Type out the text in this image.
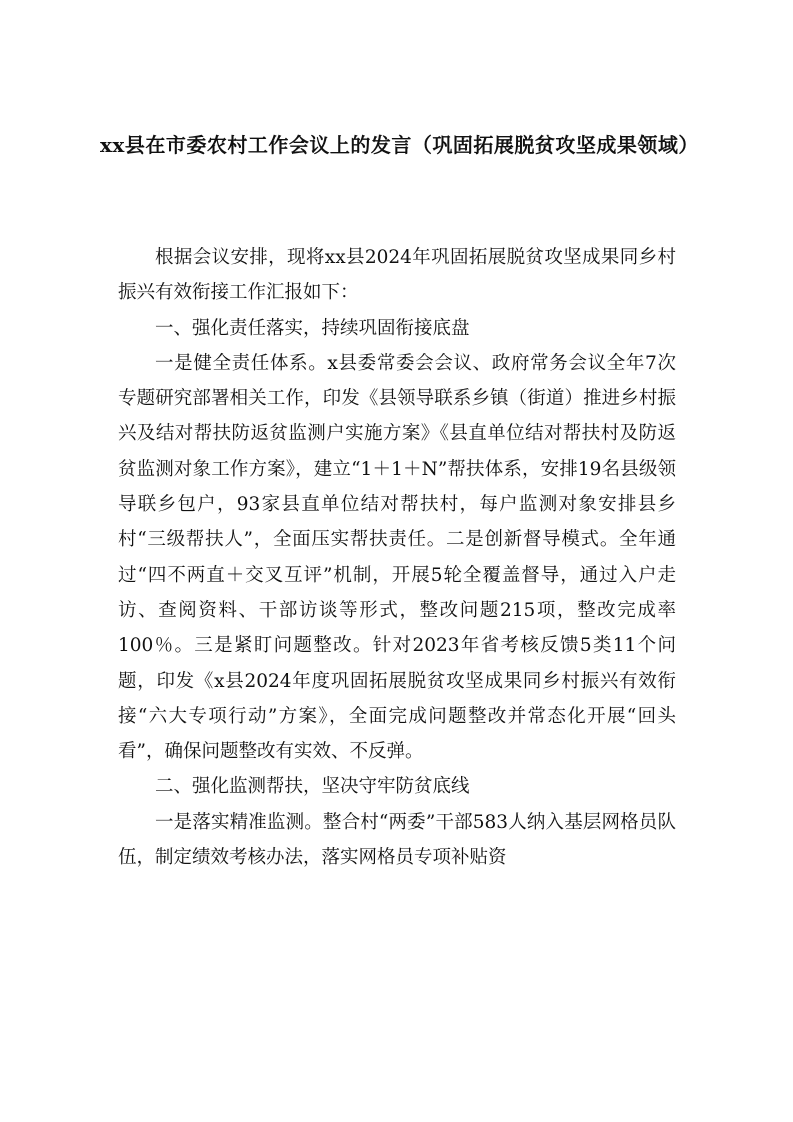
xx县在市委农村工作会议上的发言（巩固拓展脱贫攻坚成果领域）

根据会议安排，现将xx县2024年巩固拓展脱贫攻坚成果同乡村振兴有效衔接工作汇报如下：

一、强化责任落实，持续巩固衔接底盘

一是健全责任体系。x县委常委会会议、政府常务会议全年7次专题研究部署相关工作，印发《县领导联系乡镇（街道）推进乡村振兴及结对帮扶防返贫监测户实施方案》《县直单位结对帮扶村及防返贫监测对象工作方案》，建立“1＋1＋N”帮扶体系，安排19名县级领导联乡包户，93家县直单位结对帮扶村，每户监测对象安排县乡村“三级帮扶人”，全面压实帮扶责任。二是创新督导模式。全年通过“四不两直＋交叉互评”机制，开展5轮全覆盖督导，通过入户走访、查阅资料、干部访谈等形式，整改问题215项，整改完成率100％。三是紧盯问题整改。针对2023年省考核反馈5类11个问题，印发《x县2024年度巩固拓展脱贫攻坚成果同乡村振兴有效衔接“六大专项行动”方案》，全面完成问题整改并常态化开展“回头看”，确保问题整改有实效、不反弹。

二、强化监测帮扶，坚决守牢防贫底线

一是落实精准监测。整合村“两委”干部583人纳入基层网格员队伍，制定绩效考核办法，落实网格员专项补贴资
